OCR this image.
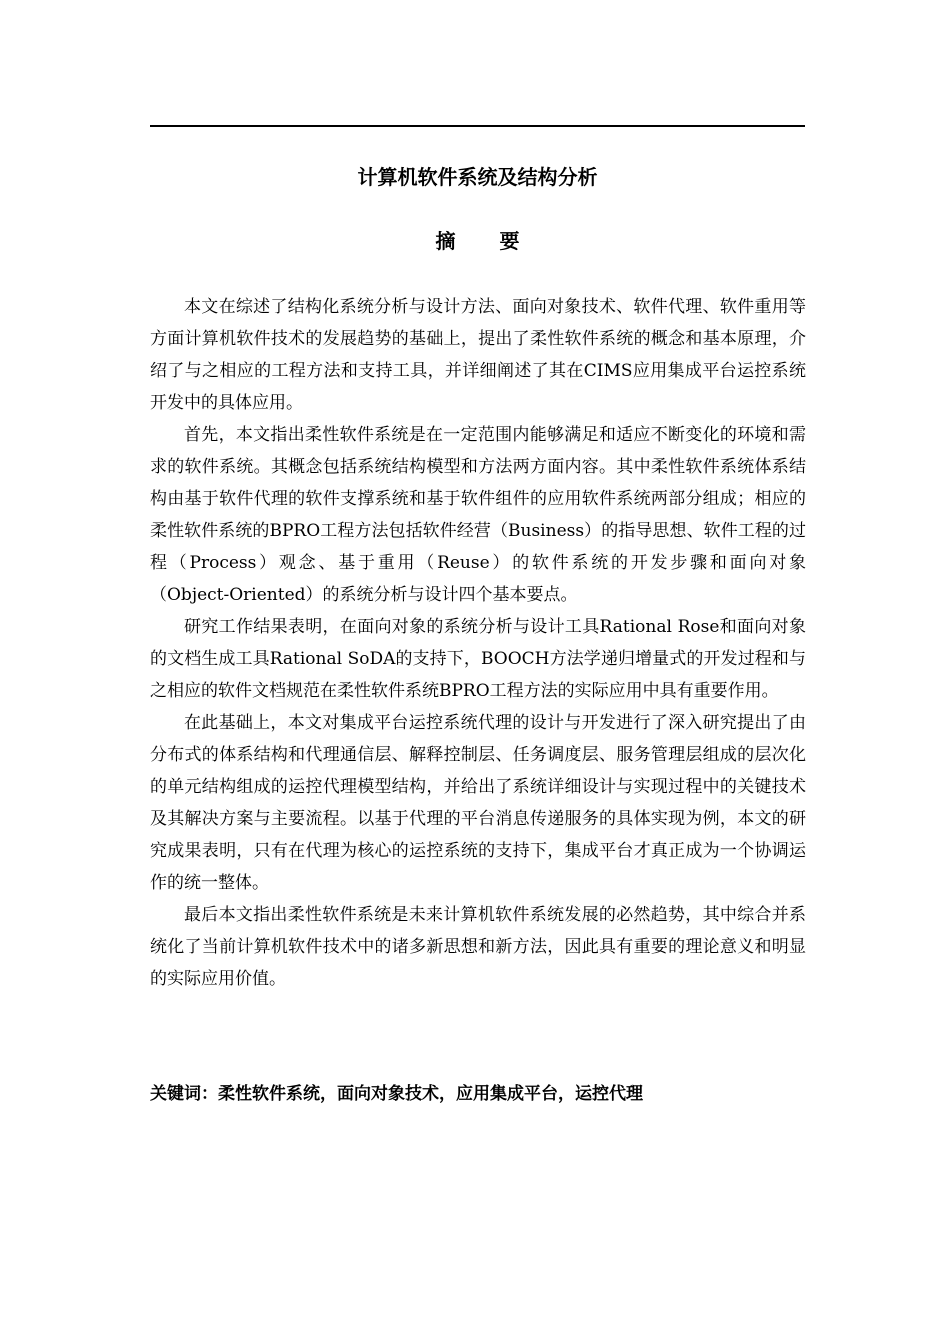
计算机软件系统及结构分析
摘要

本文在综述了结构化系统分析与设计方法、面向对象技术、软件代理、软件重用等方面计算机软件技术的发展趋势的基础上，提出了柔性软件系统的概念和基本原理，介绍了与之相应的工程方法和支持工具，并详细阐述了其在CIMS应用集成平台运控系统开发中的具体应用。

首先，本文指出柔性软件系统是在一定范围内能够满足和适应不断变化的环境和需求的软件系统。其概念包括系统结构模型和方法两方面内容。其中柔性软件系统体系结构由基于软件代理的软件支撑系统和基于软件组件的应用软件系统两部分组成；相应的柔性软件系统的BPRO工程方法包括软件经营（Business）的指导思想、软件工程的过程（Process）观念、基于重用（Reuse）的软件系统的开发步骤和面向对象（Object-Oriented）的系统分析与设计四个基本要点。

研究工作结果表明，在面向对象的系统分析与设计工具Rational Rose和面向对象的文档生成工具Rational SoDA的支持下，BOOCH方法学递归增量式的开发过程和与之相应的软件文档规范在柔性软件系统BPRO工程方法的实际应用中具有重要作用。

在此基础上，本文对集成平台运控系统代理的设计与开发进行了深入研究提出了由分布式的体系结构和代理通信层、解释控制层、任务调度层、服务管理层组成的层次化的单元结构组成的运控代理模型结构，并给出了系统详细设计与实现过程中的关键技术及其解决方案与主要流程。以基于代理的平台消息传递服务的具体实现为例，本文的研究成果表明，只有在代理为核心的运控系统的支持下，集成平台才真正成为一个协调运作的统一整体。

最后本文指出柔性软件系统是未来计算机软件系统发展的必然趋势，其中综合并系统化了当前计算机软件技术中的诸多新思想和新方法，因此具有重要的理论意义和明显的实际应用价值。

关键词：柔性软件系统，面向对象技术，应用集成平台，运控代理
